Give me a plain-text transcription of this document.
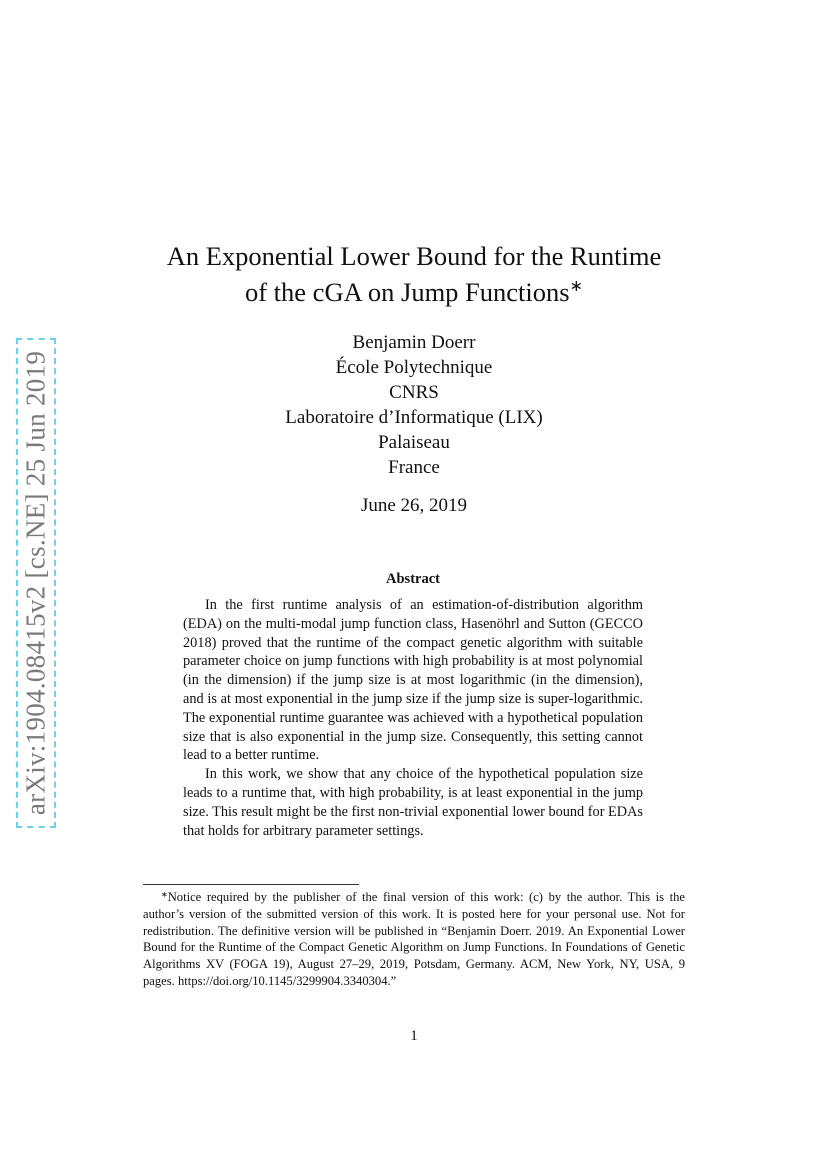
arXiv:1904.08415v2 [cs.NE] 25 Jun 2019
An Exponential Lower Bound for the Runtime
of the cGA on Jump Functions∗
Benjamin Doerr
École Polytechnique
CNRS
Laboratoire d’Informatique (LIX)
Palaiseau
France
June 26, 2019
Abstract

In the first runtime analysis of an estimation-of-distribution algorithm (EDA) on the multi-modal jump function class, Hasenöhrl and Sutton (GECCO 2018) proved that the runtime of the compact genetic algorithm with suitable parameter choice on jump functions with high probability is at most polynomial (in the dimension) if the jump size is at most logarithmic (in the dimension), and is at most exponential in the jump size if the jump size is super-logarithmic. The exponential runtime guarantee was achieved with a hypothetical population size that is also exponential in the jump size. Consequently, this setting cannot lead to a better runtime.

In this work, we show that any choice of the hypothetical population size leads to a runtime that, with high probability, is at least exponential in the jump size. This result might be the first non-trivial exponential lower bound for EDAs that holds for arbitrary parameter settings.

∗Notice required by the publisher of the final version of this work: (c) by the author. This is the author’s version of the submitted version of this work. It is posted here for your personal use. Not for redistribution. The definitive version will be published in “Benjamin Doerr. 2019. An Exponential Lower Bound for the Runtime of the Compact Genetic Algorithm on Jump Functions. In Foundations of Genetic Algorithms XV (FOGA 19), August 27–29, 2019, Potsdam, Germany. ACM, New York, NY, USA, 9 pages. https://doi.org/10.1145/3299904.3340304.”

1
